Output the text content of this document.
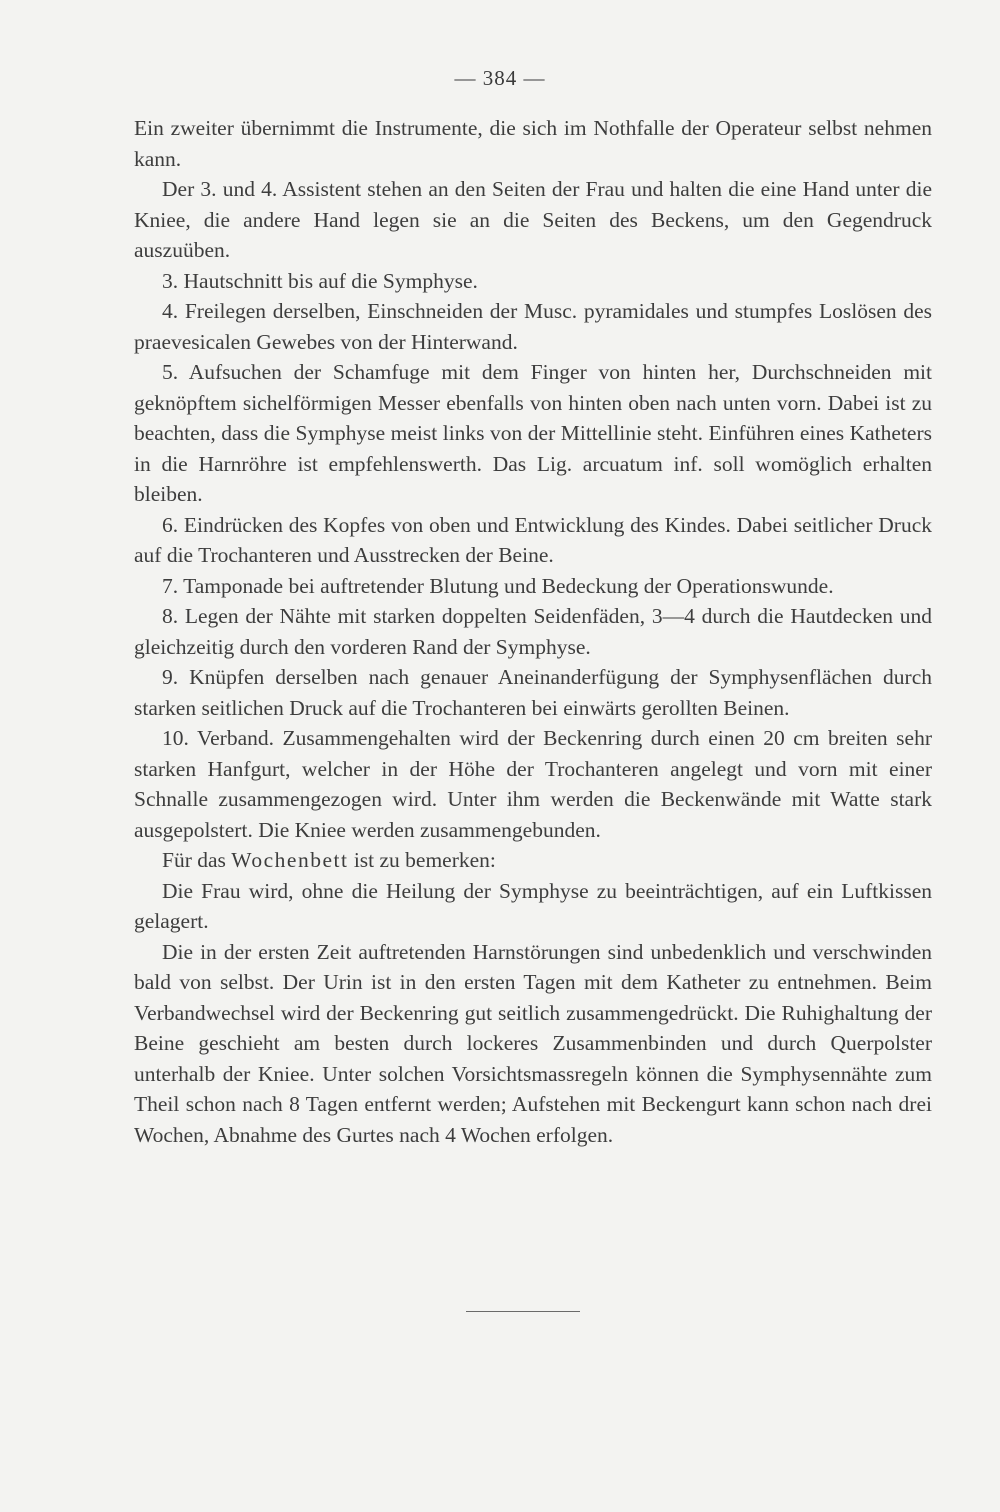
— 384 —

Ein zweiter übernimmt die Instrumente, die sich im Nothfalle der Operateur selbst nehmen kann.

Der 3. und 4. Assistent stehen an den Seiten der Frau und halten die eine Hand unter die Kniee, die andere Hand legen sie an die Seiten des Beckens, um den Gegendruck auszuüben.

3. Hautschnitt bis auf die Symphyse.

4. Freilegen derselben, Einschneiden der Musc. pyramidales und stumpfes Loslösen des praevesicalen Gewebes von der Hinterwand.

5. Aufsuchen der Schamfuge mit dem Finger von hinten her, Durchschneiden mit geknöpftem sichelförmigen Messer ebenfalls von hinten oben nach unten vorn. Dabei ist zu beachten, dass die Symphyse meist links von der Mittellinie steht. Einführen eines Katheters in die Harnröhre ist empfehlenswerth. Das Lig. arcuatum inf. soll womöglich erhalten bleiben.

6. Eindrücken des Kopfes von oben und Entwicklung des Kindes. Dabei seitlicher Druck auf die Trochanteren und Ausstrecken der Beine.

7. Tamponade bei auftretender Blutung und Bedeckung der Operationswunde.

8. Legen der Nähte mit starken doppelten Seidenfäden, 3—4 durch die Hautdecken und gleichzeitig durch den vorderen Rand der Symphyse.

9. Knüpfen derselben nach genauer Aneinanderfügung der Symphysenflächen durch starken seitlichen Druck auf die Trochanteren bei einwärts gerollten Beinen.

10. Verband. Zusammengehalten wird der Beckenring durch einen 20 cm breiten sehr starken Hanfgurt, welcher in der Höhe der Trochanteren angelegt und vorn mit einer Schnalle zusammengezogen wird. Unter ihm werden die Beckenwände mit Watte stark ausgepolstert. Die Kniee werden zusammengebunden.

Für das Wochenbett ist zu bemerken:

Die Frau wird, ohne die Heilung der Symphyse zu beeinträchtigen, auf ein Luftkissen gelagert.

Die in der ersten Zeit auftretenden Harnstörungen sind unbedenklich und verschwinden bald von selbst. Der Urin ist in den ersten Tagen mit dem Katheter zu entnehmen. Beim Verbandwechsel wird der Beckenring gut seitlich zusammengedrückt. Die Ruhighaltung der Beine geschieht am besten durch lockeres Zusammenbinden und durch Querpolster unterhalb der Kniee. Unter solchen Vorsichtsmassregeln können die Symphysennähte zum Theil schon nach 8 Tagen entfernt werden; Aufstehen mit Beckengurt kann schon nach drei Wochen, Abnahme des Gurtes nach 4 Wochen erfolgen.
